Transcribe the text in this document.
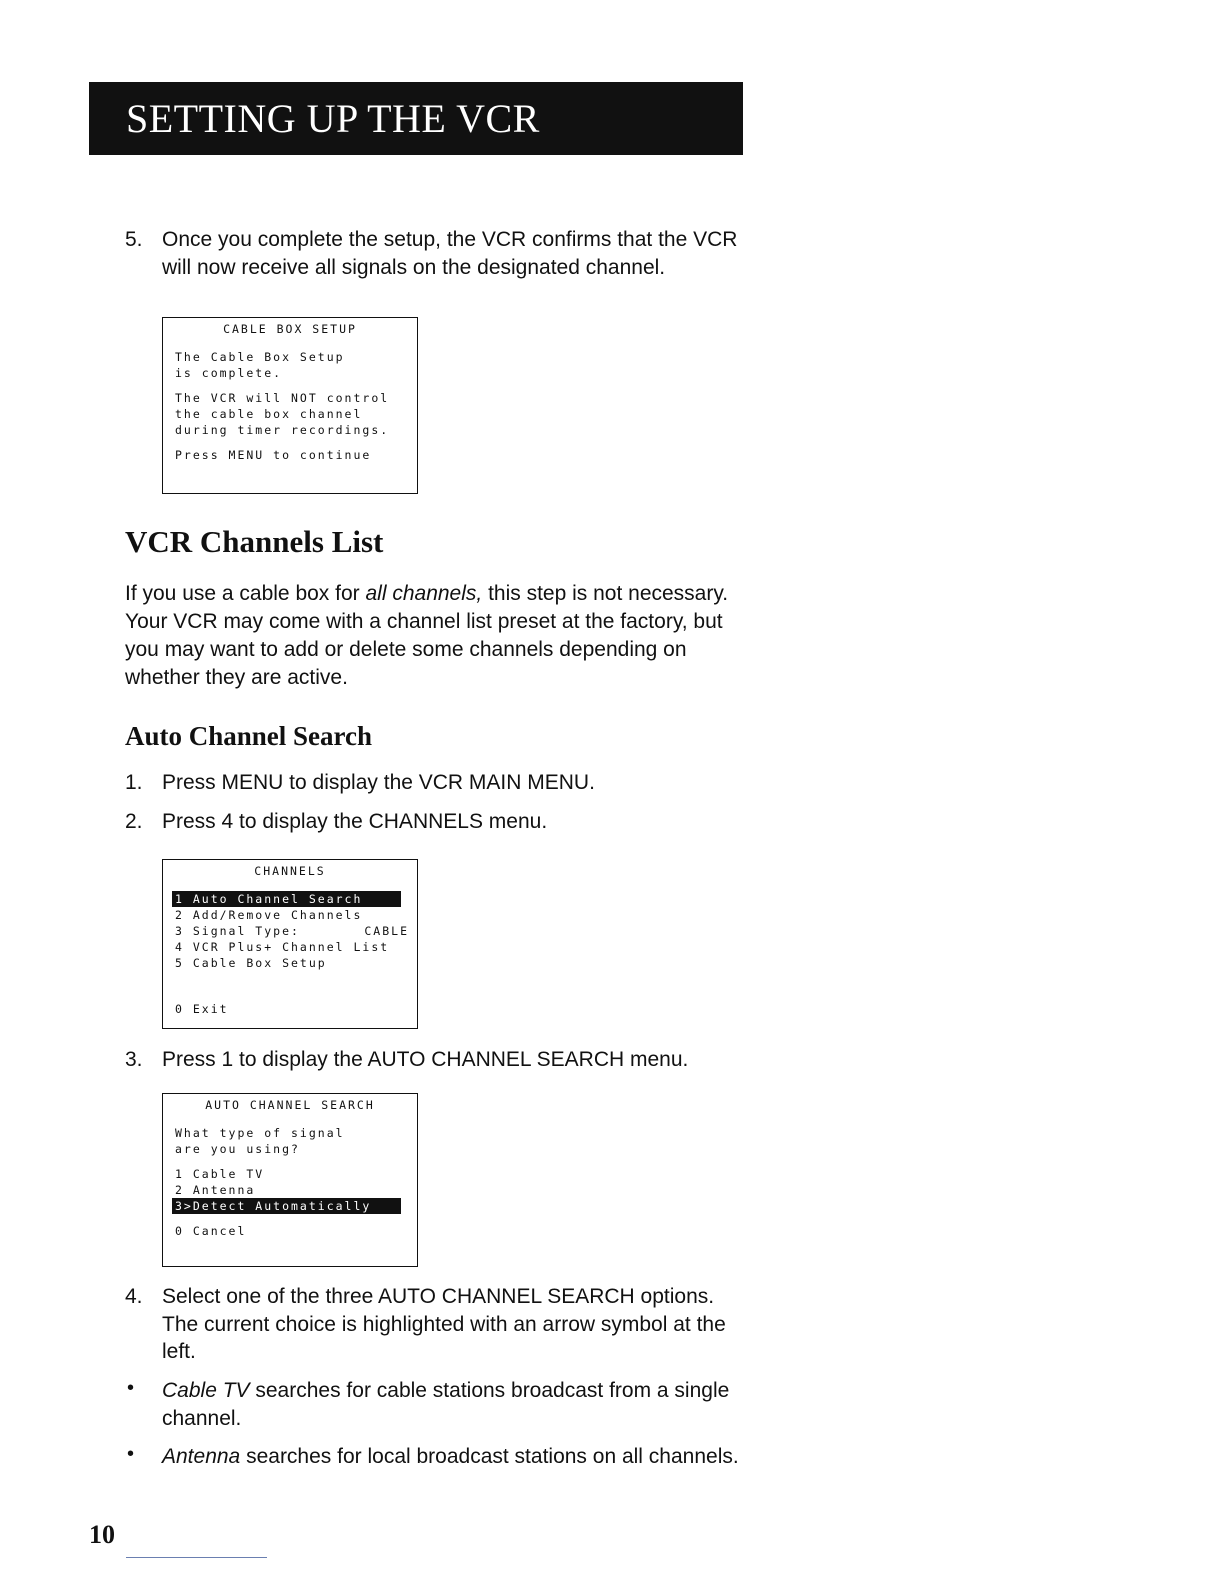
SETTING UP THE VCR
5. Once you complete the setup, the VCR confirms that the VCR will now receive all signals on the designated channel.
CABLE BOX SETUP
The Cable Box Setup
is complete.
The VCR will NOT control
the cable box channel
during timer recordings.
Press MENU to continue
VCR Channels List

If you use a cable box for all channels, this step is not necessary. Your VCR may come with a channel list preset at the factory, but you may want to add or delete some channels depending on whether they are active.

Auto Channel Search
1. Press MENU to display the VCR MAIN MENU.
2. Press 4 to display the CHANNELS menu.
CHANNELS
1 Auto Channel Search
2 Add/Remove Channels
3 Signal Type:	CABLE
4 VCR Plus+ Channel List
5 Cable Box Setup
0 Exit
3. Press 1 to display the AUTO CHANNEL SEARCH menu.
AUTO CHANNEL SEARCH
What type of signal
are you using?
1 Cable TV
2 Antenna
3>Detect Automatically
0 Cancel
4. Select one of the three AUTO CHANNEL SEARCH options. The current choice is highlighted with an arrow symbol at the left.
• Cable TV searches for cable stations broadcast from a single channel.
• Antenna searches for local broadcast stations on all channels.
10
